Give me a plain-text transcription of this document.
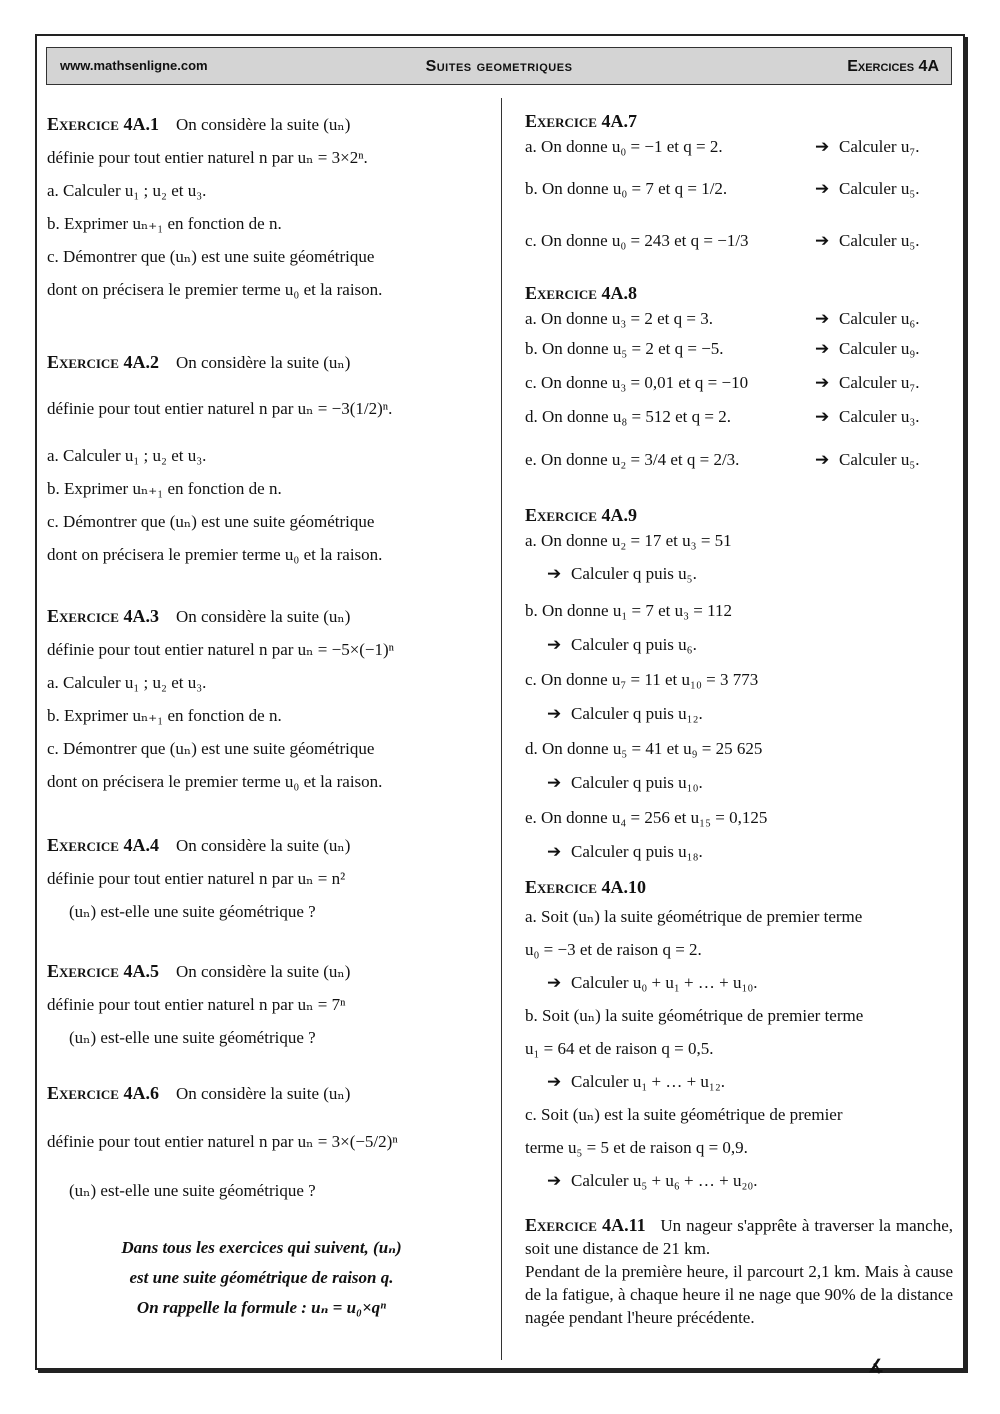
www.mathsenligne.com	Suites geometriques	Exercices 4A
Exercice 4A.1 On considère la suite (uₙ)
définie pour tout entier naturel n par uₙ = 3×2ⁿ.
a. Calculer u₁ ; u₂ et u₃.
b. Exprimer uₙ₊₁ en fonction de n.
c. Démontrer que (uₙ) est une suite géométrique
dont on précisera le premier terme u₀ et la raison.
Exercice 4A.2 On considère la suite (uₙ)
définie pour tout entier naturel n par uₙ = −3(1/2)ⁿ.
a. Calculer u₁ ; u₂ et u₃.
b. Exprimer uₙ₊₁ en fonction de n.
c. Démontrer que (uₙ) est une suite géométrique
dont on précisera le premier terme u₀ et la raison.
Exercice 4A.3 On considère la suite (uₙ)
définie pour tout entier naturel n par uₙ = −5×(−1)ⁿ
a. Calculer u₁ ; u₂ et u₃.
b. Exprimer uₙ₊₁ en fonction de n.
c. Démontrer que (uₙ) est une suite géométrique
dont on précisera le premier terme u₀ et la raison.
Exercice 4A.4 On considère la suite (uₙ)
définie pour tout entier naturel n par uₙ = n²
(uₙ) est-elle une suite géométrique ?
Exercice 4A.5 On considère la suite (uₙ)
définie pour tout entier naturel n par uₙ = 7ⁿ
(uₙ) est-elle une suite géométrique ?
Exercice 4A.6 On considère la suite (uₙ)
définie pour tout entier naturel n par uₙ = 3×(−5/2)ⁿ
(uₙ) est-elle une suite géométrique ?
Dans tous les exercices qui suivent, (uₙ)
est une suite géométrique de raison q.
On rappelle la formule : uₙ = u₀×qⁿ
Exercice 4A.7
a. On donne u₀ = −1 et q = 2.	➔ Calculer u₇.
b. On donne u₀ = 7 et q = 1/2.	➔ Calculer u₅.
c. On donne u₀ = 243 et q = −1/3	➔ Calculer u₅.
Exercice 4A.8
a. On donne u₃ = 2 et q = 3.	➔ Calculer u₆.
b. On donne u₅ = 2 et q = −5.	➔ Calculer u₉.
c. On donne u₃ = 0,01 et q = −10	➔ Calculer u₇.
d. On donne u₈ = 512 et q = 2.	➔ Calculer u₃.
e. On donne u₂ = 3/4 et q = 2/3.	➔ Calculer u₅.
Exercice 4A.9
a. On donne u₂ = 17 et u₃ = 51
➔ Calculer q puis u₅.
b. On donne u₁ = 7 et u₃ = 112
➔ Calculer q puis u₆.
c. On donne u₇ = 11 et u₁₀ = 3 773
➔ Calculer q puis u₁₂.
d. On donne u₅ = 41 et u₉ = 25 625
➔ Calculer q puis u₁₀.
e. On donne u₄ = 256 et u₁₅ = 0,125
➔ Calculer q puis u₁₈.
Exercice 4A.10
a. Soit (uₙ) la suite géométrique de premier terme
u₀ = −3 et de raison q = 2.
➔ Calculer u₀ + u₁ + … + u₁₀.
b. Soit (uₙ) la suite géométrique de premier terme
u₁ = 64 et de raison q = 0,5.
➔ Calculer u₁ + … + u₁₂.
c. Soit (uₙ) est la suite géométrique de premier
terme u₅ = 5 et de raison q = 0,9.
➔ Calculer u₅ + u₆ + … + u₂₀.
Exercice 4A.11 Un nageur s'apprête à traverser la manche, soit une distance de 21 km.
Pendant de la première heure, il parcourt 2,1 km. Mais à cause de la fatigue, à chaque heure il ne nage que 90% de la distance nagée pendant l'heure précédente.
∡
